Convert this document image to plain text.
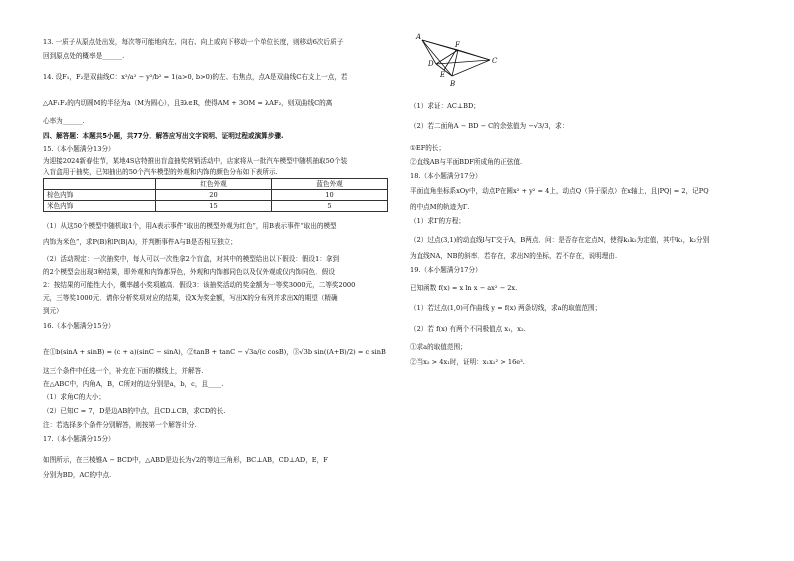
13. 一质子从原点处出发，每次等可能地向左、向右、向上或向下移动一个单位长度，则移动6次后质子
回到原点处的概率是______.
14. 设F₁，F₂是双曲线C：x²/a² − y²/b² = 1(a>0, b>0)的左、右焦点，点A是双曲线C右支上一点，若
△AF₁F₂的内切圆M的半径为a（M为圆心），且∃λ∈R，使得AM + 3OM = λAF₂，则双曲线C的离
心率为______.
四、解答题：本题共5小题，共77分．解答应写出文字说明、证明过程或演算步骤.
15.（本小题满分13分）
为迎接2024新春佳节，某地4S店特推出盲盒抽奖营销活动中，店家将从一批汽车模型中随机抽取50个装
入盲盒用于抽奖，已知抽出的50个汽车模型的外观和内饰的颜色分布如下表所示.
	红色外观	蓝色外观
棕色内饰	20	10
米色内饰	15	5
（1）从这50个模型中随机取1个，用A表示事件“取出的模型外观为红色”，用B表示事件“取出的模型
内饰为米色”，求P(B)和P(B|A)，并判断事件A与B是否相互独立；
（2）活动规定：一次抽奖中，每人可以一次性拿2个盲盒，对其中的模型给出以下假设：假设1：拿到
的2个模型会出现3种结果，即外观和内饰都异色，外观和内饰都同色以及仅外观或仅内饰同色．假设
2：按结果的可能性大小，概率越小奖项越高．假设3：该抽奖活动的奖金额为一等奖3000元，二等奖2000
元，三等奖1000元．请你分析奖项对应的结果，设X为奖金额，写出X的分布列并求出X的期望（精确
到元）
16.（本小题满分15分）
在①b(sinA + sinB) = (c + a)(sinC − sinA)，②tanB + tanC − √3a/(c cosB)，③√3b sin((A+B)/2) = c sinB
这三个条件中任选一个，补充在下面的横线上，并解答.
在△ABC中，内角A，B，C所对的边分别是a，b，c，且____.
（1）求角C的大小；
（2）已知C = 7，D是边AB的中点，且CD⊥CB，求CD的长.
注：若选择多个条件分别解答，则按第一个解答计分.
17.（本小题满分15分）
如图所示，在三棱锥A − BCD中，△ABD是边长为√2的等边三角形，BC⊥AB，CD⊥AD，E，F
分别为BD，AC的中点.
A
F
D
E
B
C
（1）求证：AC⊥BD；
（2）若二面角A − BD − C的余弦值为 −√3/3，求：
①EF的长；
②直线AB与平面BDF所成角的正弦值.
18.（本小题满分17分）
平面直角坐标系xOy中，动点P在圆x² + y² = 4上，动点Q（异于原点）在x轴上，且|PQ| = 2，记PQ
的中点M的轨迹为Γ.
（1）求Γ的方程；
（2）过点(3,1)的动直线l与Γ交于A，B两点．问：是否存在定点N，使得k₁k₂为定值，其中k₁，k₂分别
为直线NA，NB的斜率．若存在，求出N的坐标，若不存在，说明理由.
19.（本小题满分17分）
已知函数 f(x) = x ln x − ax² − 2x.
（1）若过点(1,0)可作曲线 y = f(x) 两条切线，求a的取值范围；
（2）若 f(x) 有两个不同极值点 x₁，x₂.
①求a的取值范围；
②当x₂ > 4x₁时，证明：x₁x₂² > 16e³.
